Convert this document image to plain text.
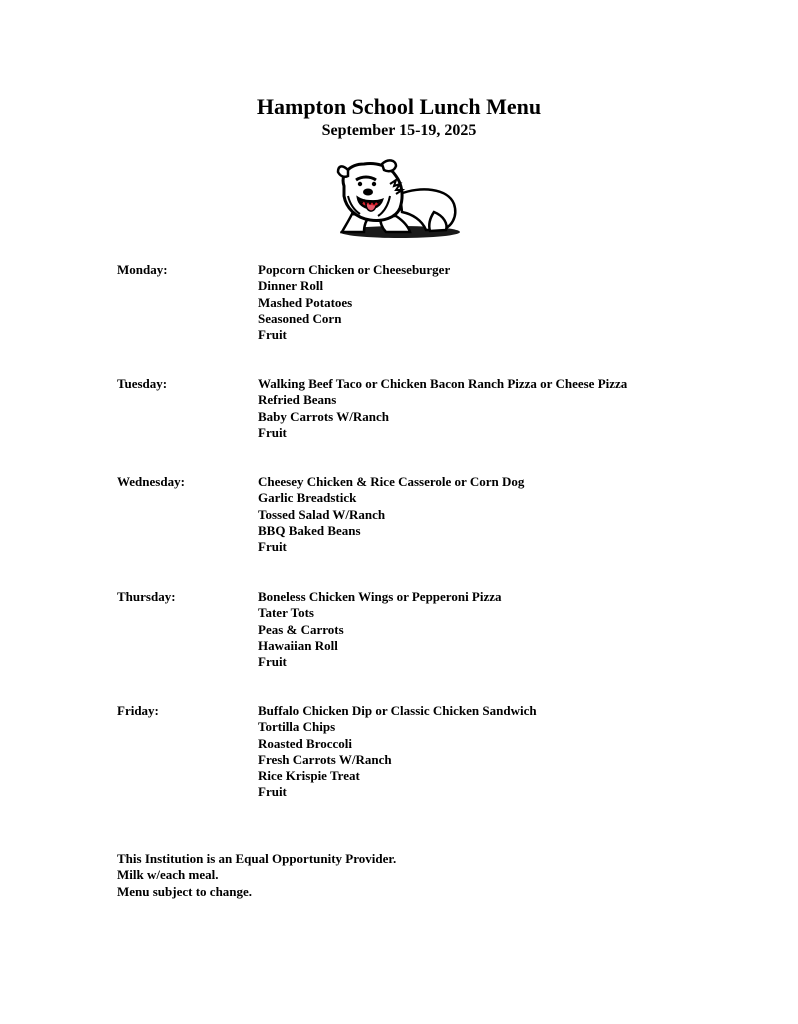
Hampton School Lunch Menu
September 15-19, 2025
Monday:	Popcorn Chicken or Cheeseburger
Dinner Roll
Mashed Potatoes
Seasoned Corn
Fruit
Tuesday:	Walking Beef Taco or Chicken Bacon Ranch Pizza or Cheese Pizza
Refried Beans
Baby Carrots W/Ranch
Fruit
Wednesday:	Cheesey Chicken & Rice Casserole or Corn Dog
Garlic Breadstick
Tossed Salad W/Ranch
BBQ Baked Beans
Fruit
Thursday:	Boneless Chicken Wings or Pepperoni Pizza
Tater Tots
Peas & Carrots
Hawaiian Roll
Fruit
Friday:	Buffalo Chicken Dip or Classic Chicken Sandwich
Tortilla Chips
Roasted Broccoli
Fresh Carrots W/Ranch
Rice Krispie Treat
Fruit
This Institution is an Equal Opportunity Provider.
Milk w/each meal.
Menu subject to change.
